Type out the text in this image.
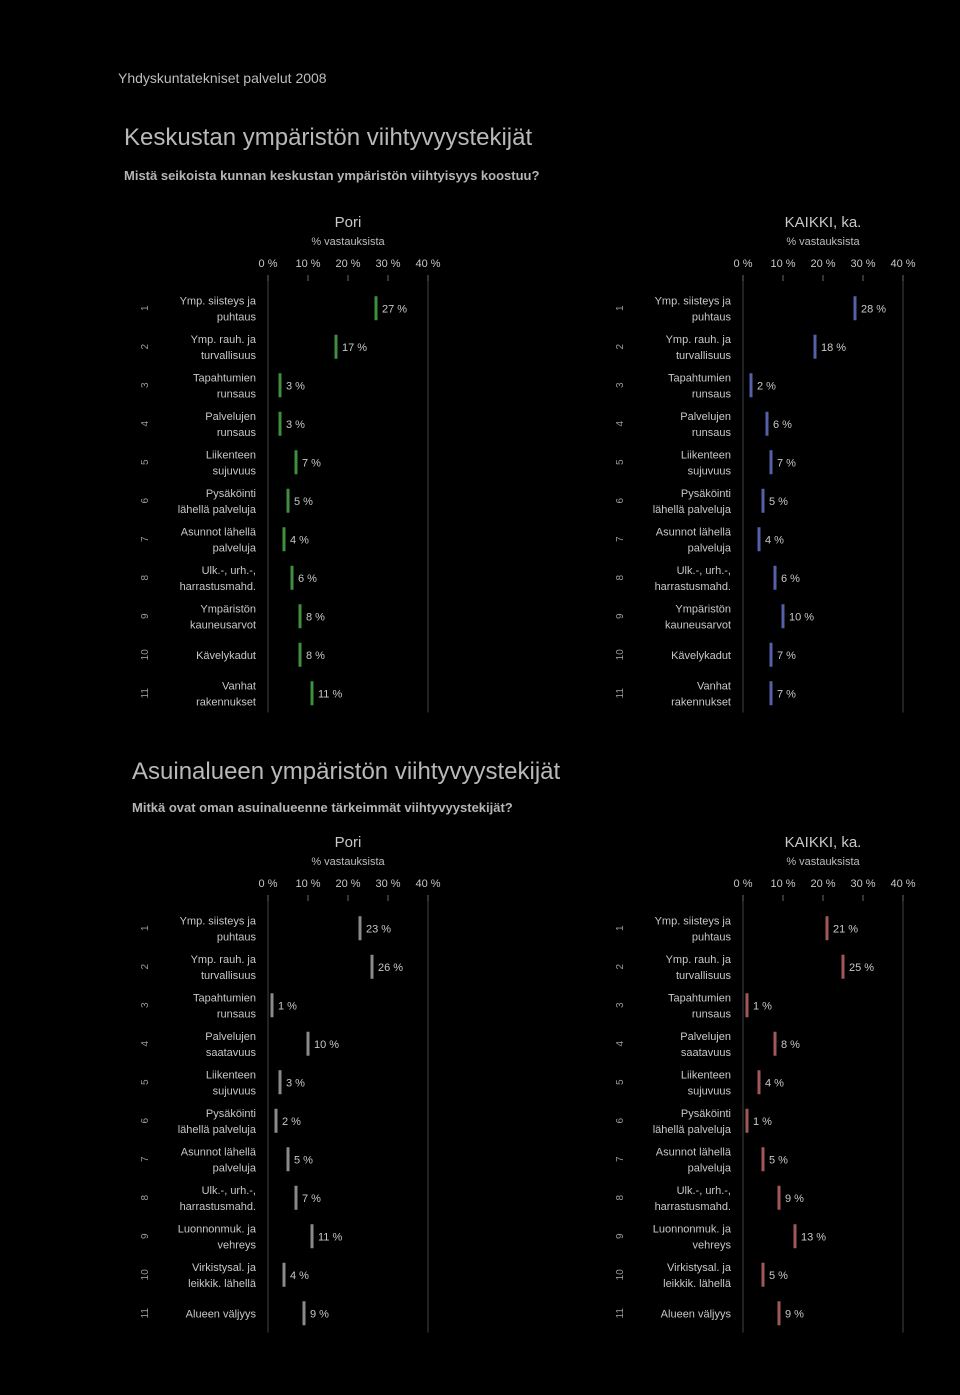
Yhdyskuntatekniset palvelut 2008
Keskustan ympäristön viihtyvyystekijät
Mistä seikoista kunnan keskustan ympäristön viihtyisyys koostuu?
Pori
% vastauksista
0 % 10 % 20 % 30 % 40 %
1
Ymp. siisteys ja
puhtaus
27 %
2
Ymp. rauh. ja
turvallisuus
17 %
3
Tapahtumien
runsaus
3 %
4
Palvelujen
runsaus
3 %
5
Liikenteen
sujuvuus
7 %
6
Pysäköinti
lähellä palveluja
5 %
7
Asunnot lähellä
palveluja
4 %
8
Ulk.-, urh.-,
harrastusmahd.
6 %
9
Ympäristön
kauneusarvot
8 %
10	Kävelykadut	8 %
11
Vanhat
rakennukset
11 %
KAIKKI, ka.
% vastauksista
0 % 10 % 20 % 30 % 40 %
1
Ymp. siisteys ja
puhtaus
28 %
2
Ymp. rauh. ja
turvallisuus
18 %
3
Tapahtumien
runsaus
2 %
4
Palvelujen
runsaus
6 %
5
Liikenteen
sujuvuus
7 %
6
Pysäköinti
lähellä palveluja
5 %
7
Asunnot lähellä
palveluja
4 %
8
Ulk.-, urh.-,
harrastusmahd.
6 %
9
Ympäristön
kauneusarvot
10 %
10	Kävelykadut	7 %
11
Vanhat
rakennukset
7 %
Asuinalueen ympäristön viihtyvyystekijät
Mitkä ovat oman asuinalueenne tärkeimmät viihtyvyystekijät?
Pori
% vastauksista
0 % 10 % 20 % 30 % 40 %
1
Ymp. siisteys ja
puhtaus
23 %
2
Ymp. rauh. ja
turvallisuus
26 %
3
Tapahtumien
runsaus
1 %
4
Palvelujen
saatavuus
10 %
5
Liikenteen
sujuvuus
3 %
6
Pysäköinti
lähellä palveluja
2 %
7
Asunnot lähellä
palveluja
5 %
8
Ulk.-, urh.-,
harrastusmahd.
7 %
9
Luonnonmuk. ja
vehreys
11 %
10
Virkistysal. ja
leikkik. lähellä
4 %
11	Alueen väljyys	9 %
KAIKKI, ka.
% vastauksista
0 % 10 % 20 % 30 % 40 %
1
Ymp. siisteys ja
puhtaus
21 %
2
Ymp. rauh. ja
turvallisuus
25 %
3
Tapahtumien
runsaus
1 %
4
Palvelujen
saatavuus
8 %
5
Liikenteen
sujuvuus
4 %
6
Pysäköinti
lähellä palveluja
1 %
7
Asunnot lähellä
palveluja
5 %
8
Ulk.-, urh.-,
harrastusmahd.
9 %
9
Luonnonmuk. ja
vehreys
13 %
10
Virkistysal. ja
leikkik. lähellä
5 %
11	Alueen väljyys	9 %
